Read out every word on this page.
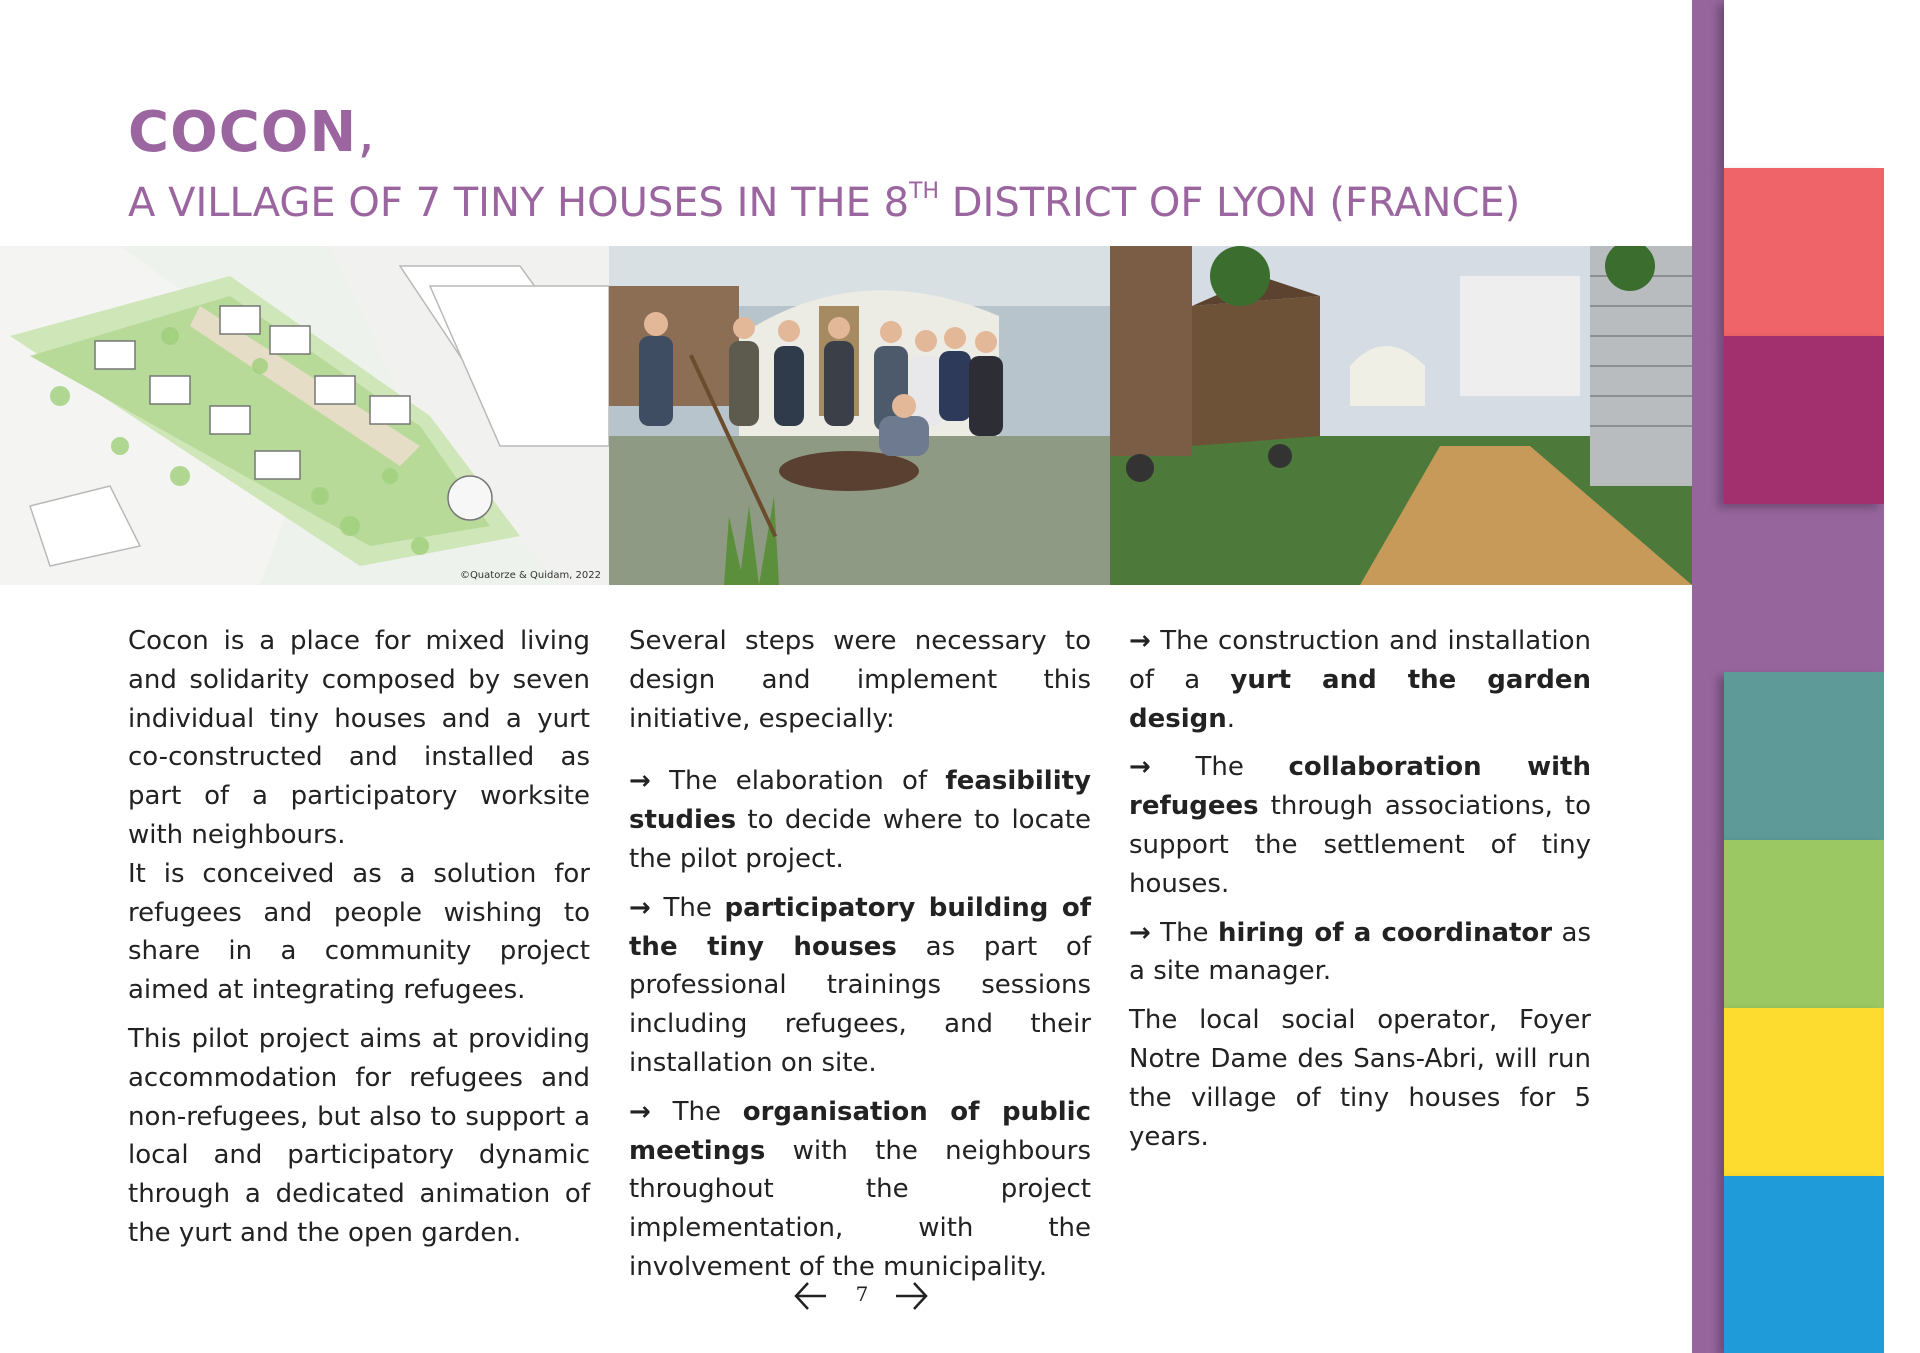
COCON,
A VILLAGE OF 7 TINY HOUSES IN THE 8TH DISTRICT OF LYON (FRANCE)
©Quatorze & Quidam, 2022

Cocon is a place for mixed living and solidarity composed by seven individual tiny houses and a yurt co-constructed and installed as part of a participatory worksite with neighbours.

It is conceived as a solution for refugees and people wishing to share in a community project aimed at integrating refugees.

This pilot project aims at providing accommodation for refugees and non-refugees, but also to support a local and participatory dynamic through a dedicated animation of the yurt and the open garden.

Several steps were necessary to design and implement this initiative, especially:

→ The elaboration of feasibility studies to decide where to locate the pilot project.

→ The participatory building of the tiny houses as part of professional trainings sessions including refugees, and their installation on site.

→ The organisation of public meetings with the neighbours throughout the project implementation, with the involvement of the municipality.

→ The construction and installation of a yurt and the garden design.

→ The collaboration with refugees through associations, to support the settlement of tiny houses.

→ The hiring of a coordinator as a site manager.

The local social operator, Foyer Notre Dame des Sans-Abri, will run the village of tiny houses for 5 years.

7
